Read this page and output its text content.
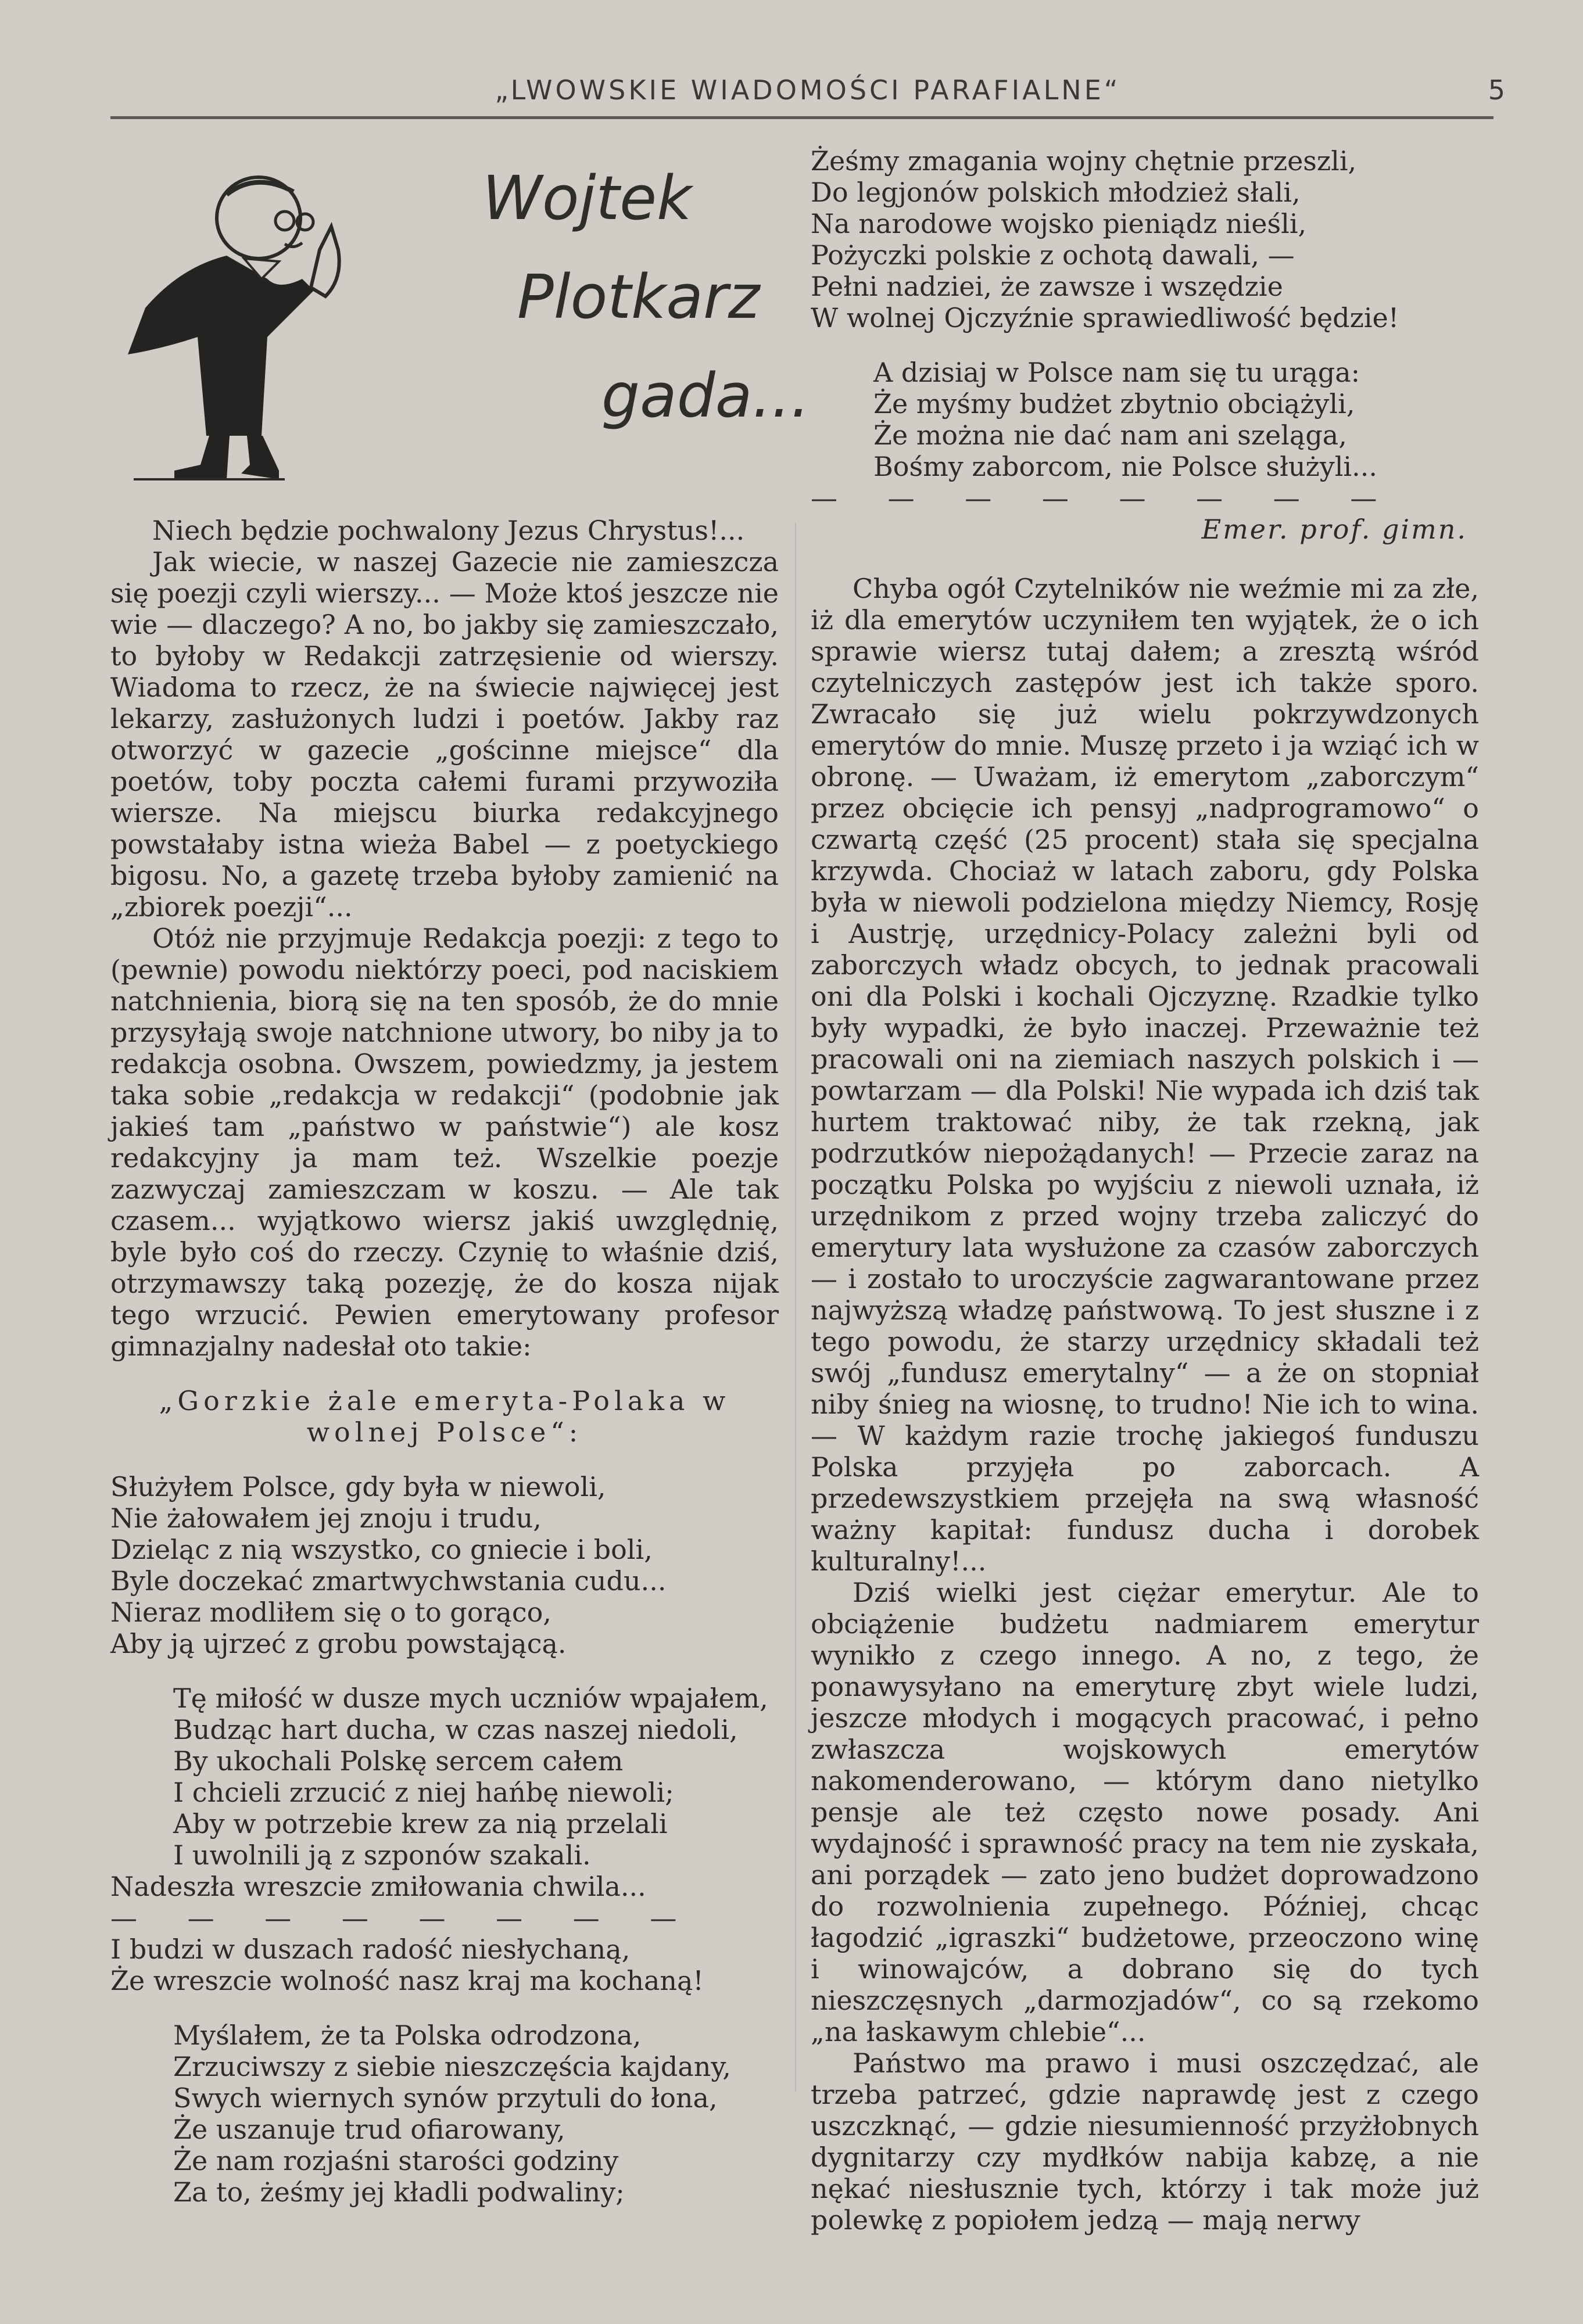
„LWOWSKIE WIADOMOŚCI PARAFIALNE“	5
Wojtek
Plotkarz
gada...

Niech będzie pochwalony Jezus Chrystus!...

Jak wiecie, w naszej Gazecie nie zamieszcza się poezji czyli wierszy... — Może ktoś jeszcze nie wie — dlaczego? A no, bo jakby się zamieszczało, to byłoby w Redakcji zatrzęsienie od wierszy. Wiadoma to rzecz, że na świecie najwięcej jest lekarzy, zasłużonych ludzi i poetów. Jakby raz otworzyć w gazecie „gościnne miejsce“ dla poetów, toby poczta całemi furami przywoziła wiersze. Na miejscu biurka redakcyjnego powstałaby istna wieża Babel — z poetyckiego bigosu. No, a gazetę trzeba byłoby zamienić na „zbiorek poezji“...

Otóż nie przyjmuje Redakcja poezji: z tego to (pewnie) powodu niektórzy poeci, pod naciskiem natchnienia, biorą się na ten sposób, że do mnie przysyłają swoje natchnione utwory, bo niby ja to redakcja osobna. Owszem, powiedzmy, ja jestem taka sobie „redakcja w redakcji“ (podobnie jak jakieś tam „państwo w państwie“) ale kosz redakcyjny ja mam też. Wszelkie poezje zazwyczaj zamieszczam w koszu. — Ale tak czasem... wyjątkowo wiersz jakiś uwzględnię, byle było coś do rzeczy. Czynię to właśnie dziś, otrzymawszy taką pozezję, że do kosza nijak tego wrzucić. Pewien emerytowany profesor gimnazjalny nadesłał oto takie:

„Gorzkie żale emeryta-Polaka w wolnej Polsce“:
Służyłem Polsce, gdy była w niewoli,
Nie żałowałem jej znoju i trudu,
Dzieląc z nią wszystko, co gniecie i boli,
Byle doczekać zmartwychwstania cudu...
Nieraz modliłem się o to gorąco,
Aby ją ujrzeć z grobu powstającą.
Tę miłość w dusze mych uczniów wpajałem,
Budząc hart ducha, w czas naszej niedoli,
By ukochali Polskę sercem całem
I chcieli zrzucić z niej hańbę niewoli;
Aby w potrzebie krew za nią przelali
I uwolnili ją z szponów szakali.
Nadeszła wreszcie zmiłowania chwila...
— — — — — — — —
I budzi w duszach radość niesłychaną,
Że wreszcie wolność nasz kraj ma kochaną!
Myślałem, że ta Polska odrodzona,
Zrzuciwszy z siebie nieszczęścia kajdany,
Swych wiernych synów przytuli do łona,
Że uszanuje trud ofiarowany,
Że nam rozjaśni starości godziny
Za to, żeśmy jej kładli podwaliny;
Żeśmy zmagania wojny chętnie przeszli,
Do legjonów polskich młodzież słali,
Na narodowe wojsko pieniądz nieśli,
Pożyczki polskie z ochotą dawali, —
Pełni nadziei, że zawsze i wszędzie
W wolnej Ojczyźnie sprawiedliwość będzie!
A dzisiaj w Polsce nam się tu urąga:
Że myśmy budżet zbytnio obciążyli,
Że można nie dać nam ani szeląga,
Bośmy zaborcom, nie Polsce służyli...
— — — — — — — —
Emer. prof. gimn.

Chyba ogół Czytelników nie weźmie mi za złe, iż dla emerytów uczyniłem ten wyjątek, że o ich sprawie wiersz tutaj dałem; a zresztą wśród czytelniczych zastępów jest ich także sporo. Zwracało się już wielu pokrzywdzonych emerytów do mnie. Muszę przeto i ja wziąć ich w obronę. — Uważam, iż emerytom „zaborczym“ przez obcięcie ich pensyj „nadprogramowo“ o czwartą część (25 procent) stała się specjalna krzywda. Chociaż w latach zaboru, gdy Polska była w niewoli podzielona między Niemcy, Rosję i Austrję, urzędnicy-Polacy zależni byli od zaborczych władz obcych, to jednak pracowali oni dla Polski i kochali Ojczyznę. Rzadkie tylko były wypadki, że było inaczej. Przeważnie też pracowali oni na ziemiach naszych polskich i — powtarzam — dla Polski! Nie wypada ich dziś tak hurtem traktować niby, że tak rzekną, jak podrzutków niepożądanych! — Przecie zaraz na początku Polska po wyjściu z niewoli uznała, iż urzędnikom z przed wojny trzeba zaliczyć do emerytury lata wysłużone za czasów zaborczych — i zostało to uroczyście zagwarantowane przez najwyższą władzę państwową. To jest słuszne i z tego powodu, że starzy urzędnicy składali też swój „fundusz emerytalny“ — a że on stopniał niby śnieg na wiosnę, to trudno! Nie ich to wina. — W każdym razie trochę jakiegoś funduszu Polska przyjęła po zaborcach. A przedewszystkiem przejęła na swą własność ważny kapitał: fundusz ducha i dorobek kulturalny!...

Dziś wielki jest ciężar emerytur. Ale to obciążenie budżetu nadmiarem emerytur wynikło z czego innego. A no, z tego, że ponawysyłano na emeryturę zbyt wiele ludzi, jeszcze młodych i mogących pracować, i pełno zwłaszcza wojskowych emerytów nakomenderowano, — którym dano nietylko pensje ale też często nowe posady. Ani wydajność i sprawność pracy na tem nie zyskała, ani porządek — zato jeno budżet doprowadzono do rozwolnienia zupełnego. Później, chcąc łagodzić „igraszki“ budżetowe, przeoczono winę i winowajców, a dobrano się do tych nieszczęsnych „darmozjadów“, co są rzekomo „na łaskawym chlebie“...

Państwo ma prawo i musi oszczędzać, ale trzeba patrzeć, gdzie naprawdę jest z czego uszczknąć, — gdzie niesumienność przyżłobnych dygnitarzy czy mydłków nabija kabzę, a nie nękać niesłusznie tych, którzy i tak może już polewkę z popiołem jedzą — mają nerwy
